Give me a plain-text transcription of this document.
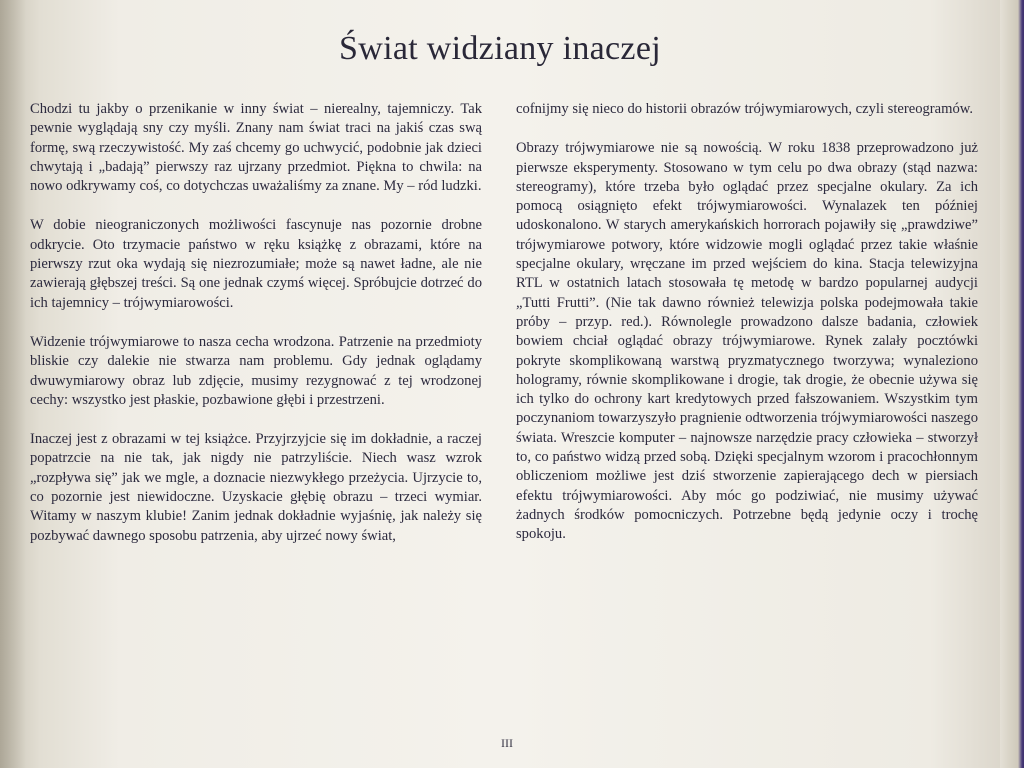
Świat widziany inaczej

Chodzi tu jakby o przenikanie w inny świat – nierealny, tajemniczy. Tak pewnie wyglądają sny czy myśli. Znany nam świat traci na jakiś czas swą formę, swą rzeczywistość. My zaś chcemy go uchwycić, podobnie jak dzieci chwytają i „badają” pierwszy raz ujrzany przedmiot. Piękna to chwila: na nowo odkrywamy coś, co dotychczas uważaliśmy za znane. My – ród ludzki.

W dobie nieograniczonych możliwości fascynuje nas pozornie drobne odkrycie. Oto trzymacie państwo w ręku książkę z obrazami, które na pierwszy rzut oka wydają się niezrozumiałe; może są nawet ładne, ale nie zawierają głębszej treści. Są one jednak czymś więcej. Spróbujcie dotrzeć do ich tajemnicy – trójwymiarowości.

Widzenie trójwymiarowe to nasza cecha wrodzona. Patrzenie na przedmioty bliskie czy dalekie nie stwarza nam problemu. Gdy jednak oglądamy dwuwymiarowy obraz lub zdjęcie, musimy rezygnować z tej wrodzonej cechy: wszystko jest płaskie, pozbawione głębi i przestrzeni.

Inaczej jest z obrazami w tej książce. Przyjrzyjcie się im dokładnie, a raczej popatrzcie na nie tak, jak nigdy nie patrzyliście. Niech wasz wzrok „rozpływa się” jak we mgle, a doznacie niezwykłego przeżycia. Ujrzycie to, co pozornie jest niewidoczne. Uzyskacie głębię obrazu – trzeci wymiar. Witamy w naszym klubie! Zanim jednak dokładnie wyjaśnię, jak należy się pozbywać dawnego sposobu patrzenia, aby ujrzeć nowy świat,

cofnijmy się nieco do historii obrazów trójwymiarowych, czyli stereogramów.

Obrazy trójwymiarowe nie są nowością. W roku 1838 przeprowadzono już pierwsze eksperymenty. Stosowano w tym celu po dwa obrazy (stąd nazwa: stereogramy), które trzeba było oglądać przez specjalne okulary. Za ich pomocą osiągnięto efekt trójwymiarowości. Wynalazek ten później udoskonalono. W starych amerykańskich horrorach pojawiły się „prawdziwe” trójwymiarowe potwory, które widzowie mogli oglądać przez takie właśnie specjalne okulary, wręczane im przed wejściem do kina. Stacja telewizyjna RTL w ostatnich latach stosowała tę metodę w bardzo popularnej audycji „Tutti Frutti”. (Nie tak dawno również telewizja polska podejmowała takie próby – przyp. red.). Równolegle prowadzono dalsze badania, człowiek bowiem chciał oglądać obrazy trójwymiarowe. Rynek zalały pocztówki pokryte skomplikowaną warstwą pryzmatycznego tworzywa; wynaleziono hologramy, równie skomplikowane i drogie, tak drogie, że obecnie używa się ich tylko do ochrony kart kredytowych przed fałszowaniem. Wszystkim tym poczynaniom towarzyszyło pragnienie odtworzenia trójwymiarowości naszego świata. Wreszcie komputer – najnowsze narzędzie pracy człowieka – stworzył to, co państwo widzą przed sobą. Dzięki specjalnym wzorom i pracochłonnym obliczeniom możliwe jest dziś stworzenie zapierającego dech w piersiach efektu trójwymiarowości. Aby móc go podziwiać, nie musimy używać żadnych środków pomocniczych. Potrzebne będą jedynie oczy i trochę spokoju.

III
